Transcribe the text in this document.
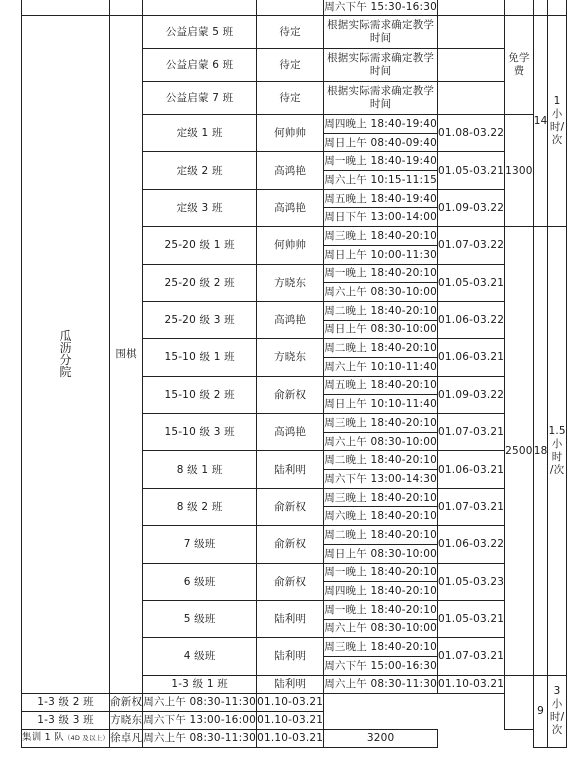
				周六下午 15:30-16:30				
瓜
沥
分
院	围棋	公益启蒙 5 班	待定	根据实际需求确定教学
时间		免学
费	14	1 小
时/
次
		公益启蒙 6 班	待定	根据实际需求确定教学
时间				
		公益启蒙 7 班	待定	根据实际需求确定教学
时间				
		定级 1 班	何帅帅	周四晚上 18:40-19:40	01.08-03.22	1300		
				周日上午 08:40-09:40				
		定级 2 班	高鸿艳	周一晚上 18:40-19:40	01.05-03.21			
				周六上午 10:15-11:15				
		定级 3 班	高鸿艳	周五晚上 18:40-19:40	01.09-03.22			
				周日下午 13:00-14:00				
		25-20 级 1 班	何帅帅	周三晚上 18:40-20:10	01.07-03.22	2500	18	1.5
小时
/次
				周日上午 10:00-11:30				
		25-20 级 2 班	方晓东	周一晚上 18:40-20:10	01.05-03.21			
				周六上午 08:30-10:00				
		25-20 级 3 班	高鸿艳	周二晚上 18:40-20:10	01.06-03.22			
				周日上午 08:30-10:00				
		15-10 级 1 班	方晓东	周二晚上 18:40-20:10	01.06-03.21			
				周六上午 10:10-11:40				
		15-10 级 2 班	俞新权	周五晚上 18:40-20:10	01.09-03.22			
				周日上午 10:10-11:40				
		15-10 级 3 班	高鸿艳	周三晚上 18:40-20:10	01.07-03.21			
				周六上午 08:30-10:00				
		8 级 1 班	陆利明	周二晚上 18:40-20:10	01.06-03.21			
				周六下午 13:00-14:30				
		8 级 2 班	俞新权	周三晚上 18:40-20:10	01.07-03.21			
				周六晚上 18:40-20:10				
		7 级班	俞新权	周二晚上 18:40-20:10	01.06-03.22			
				周日上午 08:30-10:00				
		6 级班	俞新权	周一晚上 18:40-20:10	01.05-03.23			
				周四晚上 18:40-20:10				
		5 级班	陆利明	周一晚上 18:40-20:10	01.05-03.21			
				周六上午 08:30-10:00				
		4 级班	陆利明	周三晚上 18:40-20:10	01.07-03.21			
				周六下午 15:00-16:30				
		1-3 级 1 班	陆利明	周六上午 08:30-11:30	01.10-03.21		9	3 小
时/
次
1-3 级 2 班	俞新权	周六上午 08:30-11:30	01.10-03.21					
1-3 级 3 班	方晓东	周六下午 13:00-16:00	01.10-03.21					
集训 1 队（4D 及以上）	徐卓凡	周六上午 08:30-11:30	01.10-03.21	3200				
